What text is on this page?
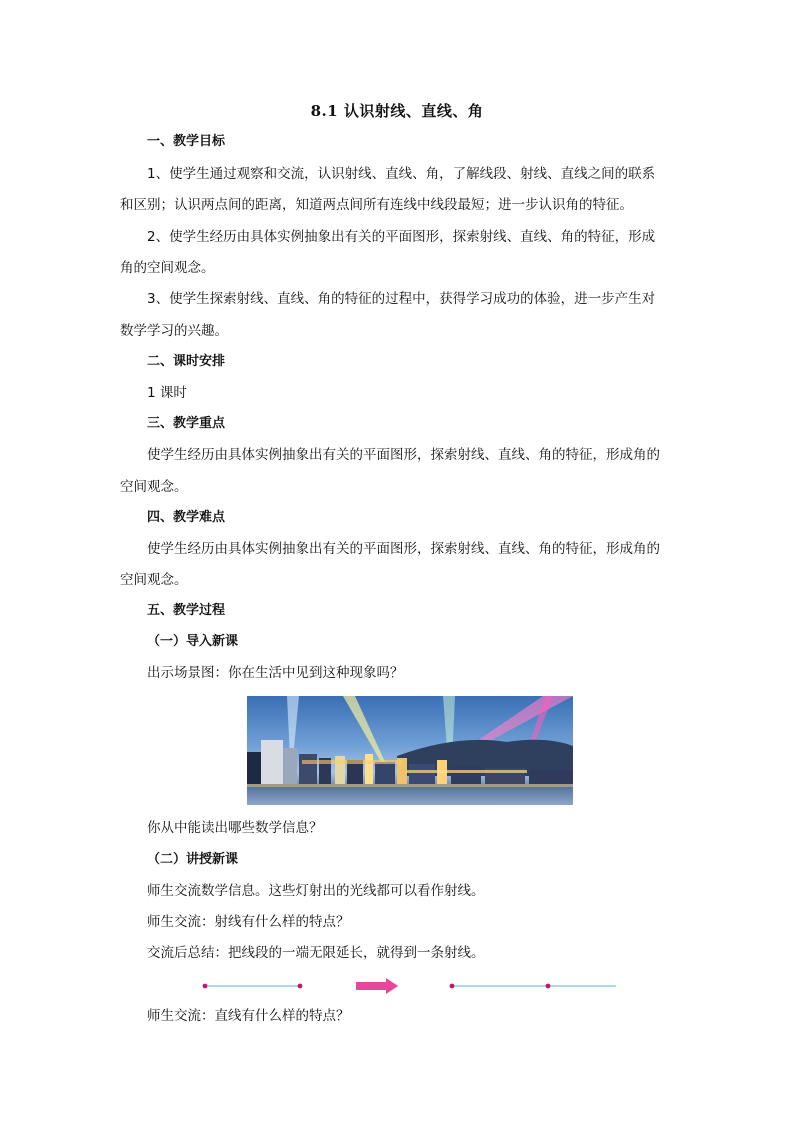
8.1 认识射线、直线、角
一、教学目标
1、使学生通过观察和交流，认识射线、直线、角，了解线段、射线、直线之间的联系
和区别；认识两点间的距离，知道两点间所有连线中线段最短；进一步认识角的特征。
2、使学生经历由具体实例抽象出有关的平面图形，探索射线、直线、角的特征，形成
角的空间观念。
3、使学生探索射线、直线、角的特征的过程中，获得学习成功的体验，进一步产生对
数学学习的兴趣。
二、课时安排
1 课时
三、教学重点
使学生经历由具体实例抽象出有关的平面图形，探索射线、直线、角的特征，形成角的
空间观念。
四、教学难点
使学生经历由具体实例抽象出有关的平面图形，探索射线、直线、角的特征，形成角的
空间观念。
五、教学过程
（一）导入新课
出示场景图：你在生活中见到这种现象吗？
你从中能读出哪些数学信息？
（二）讲授新课
师生交流数学信息。这些灯射出的光线都可以看作射线。
师生交流：射线有什么样的特点？
交流后总结：把线段的一端无限延长，就得到一条射线。
师生交流：直线有什么样的特点？
